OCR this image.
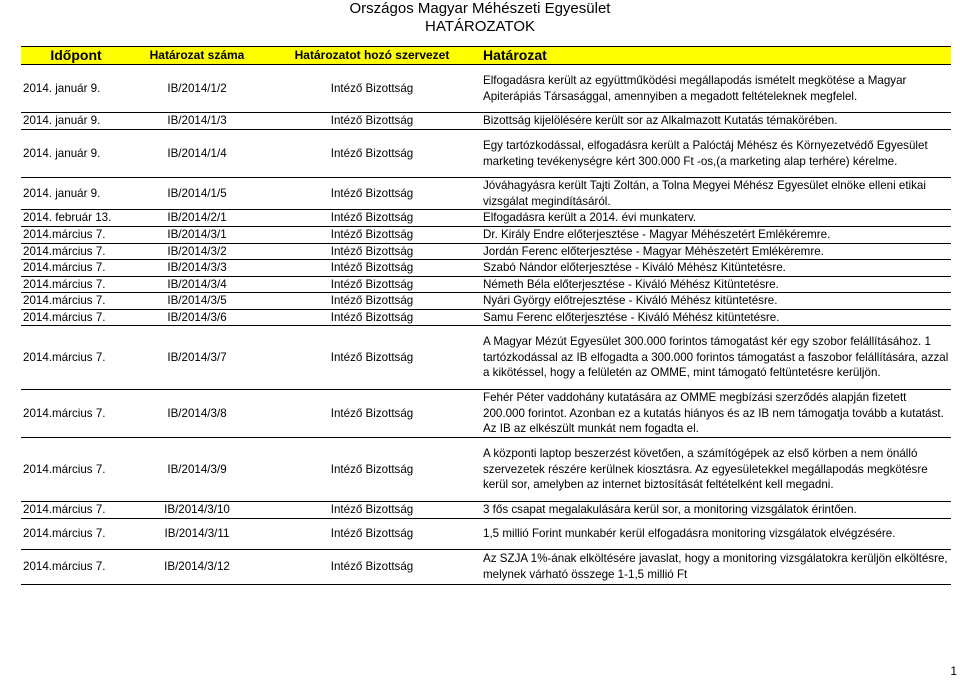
Országos Magyar Méhészeti Egyesület
HATÁROZATOK
Időpont	Határozat száma	Határozatot hozó szervezet	Határozat
2014. január 9.	IB/2014/1/2	Intéző Bizottság	Elfogadásra került az együttműködési megállapodás ismételt megkötése a Magyar Apiterápiás Társasággal, amennyiben a megadott feltételeknek megfelel.
2014. január 9.	IB/2014/1/3	Intéző Bizottság	Bizottság kijelölésére került sor az Alkalmazott Kutatás témakörében.
2014. január 9.	IB/2014/1/4	Intéző Bizottság	Egy tartózkodással, elfogadásra került a Palóctáj Méhész és Környezetvédő Egyesület marketing tevékenységre kért 300.000 Ft -os,(a marketing alap terhére) kérelme.
2014. január 9.	IB/2014/1/5	Intéző Bizottság	Jóváhagyásra került Tajti Zoltán, a Tolna Megyei Méhész Egyesület elnöke elleni etikai vizsgálat megindításáról.
2014. február 13.	IB/2014/2/1	Intéző Bizottság	Elfogadásra került a 2014. évi munkaterv.
2014.március 7.	IB/2014/3/1	Intéző Bizottság	Dr. Király Endre előterjesztése - Magyar Méhészetért Emlékéremre.
2014.március 7.	IB/2014/3/2	Intéző Bizottság	Jordán Ferenc előterjesztése - Magyar Méhészetért Emlékéremre.
2014.március 7.	IB/2014/3/3	Intéző Bizottság	Szabó Nándor előterjesztése - Kiváló Méhész Kitüntetésre.
2014.március 7.	IB/2014/3/4	Intéző Bizottság	Németh Béla előterjesztése - Kiváló Méhész Kitüntetésre.
2014.március 7.	IB/2014/3/5	Intéző Bizottság	Nyári György előtrejesztése - Kiváló Méhész kitüntetésre.
2014.március 7.	IB/2014/3/6	Intéző Bizottság	Samu Ferenc előterjesztése - Kiváló Méhész kitüntetésre.
2014.március 7.	IB/2014/3/7	Intéző Bizottság	A Magyar Mézút Egyesület 300.000 forintos támogatást kér egy szobor felállításához. 1 tartózkodással az IB elfogadta a 300.000 forintos támogatást a faszobor felállítására, azzal a kikötéssel, hogy a felületén az OMME, mint támogató feltüntetésre kerüljön.
2014.március 7.	IB/2014/3/8	Intéző Bizottság	Fehér Péter vaddohány kutatására az OMME megbízási szerződés alapján fizetett 200.000 forintot. Azonban ez a kutatás hiányos és az IB nem támogatja tovább a kutatást. Az IB az elkészült munkát nem fogadta el.
2014.március 7.	IB/2014/3/9	Intéző Bizottság	A központi laptop beszerzést követően, a számítógépek az első körben a nem önálló szervezetek részére kerülnek kiosztásra. Az egyesületekkel megállapodás megkötésre kerül sor, amelyben az internet biztosítását feltételként kell megadni.
2014.március 7.	IB/2014/3/10	Intéző Bizottság	3 fős csapat megalakulására kerül sor, a monitoring vizsgálatok érintően.
2014.március 7.	IB/2014/3/11	Intéző Bizottság	1,5 millió Forint munkabér kerül elfogadásra monitoring vizsgálatok elvégzésére.
2014.március 7.	IB/2014/3/12	Intéző Bizottság	Az SZJA 1%-ának elköltésére javaslat, hogy a monitoring vizsgálatokra kerüljön elköltésre, melynek várható összege 1-1,5 millió Ft
1
